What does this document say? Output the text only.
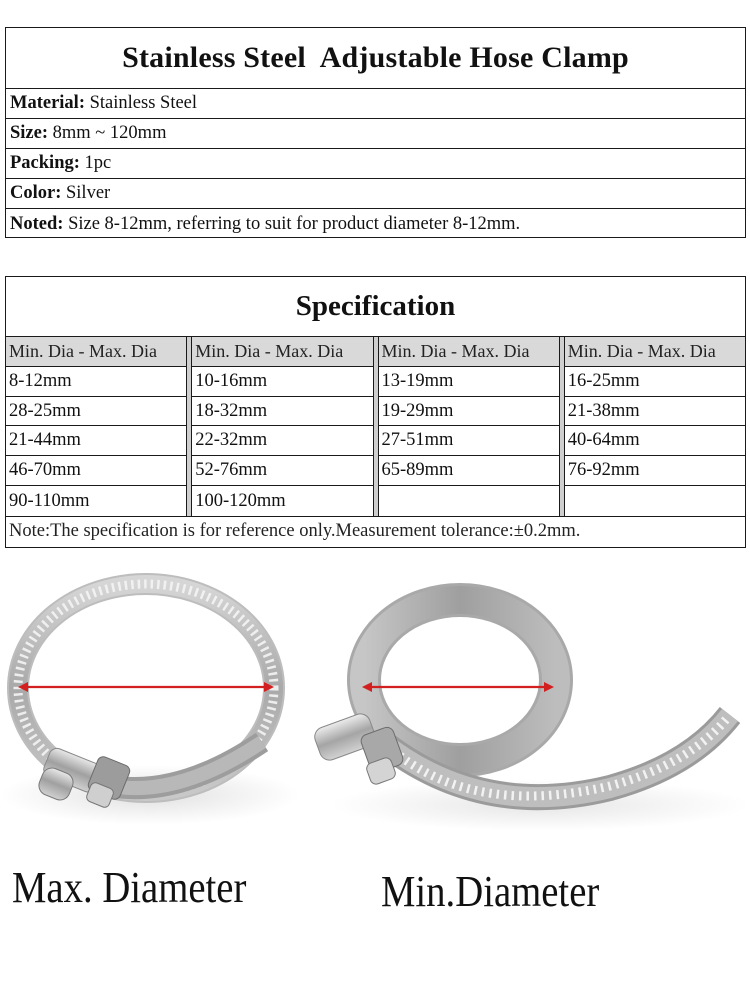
Stainless Steel  Adjustable Hose Clamp
Material: Stainless Steel
Size: 8mm ~ 120mm
Packing: 1pc
Color: Silver
Noted: Size 8-12mm, referring to suit for product diameter 8-12mm.
Specification
Min. Dia - Max. Dia
8-12mm
28-25mm
21-44mm
46-70mm
90-110mm
Min. Dia - Max. Dia
10-16mm
18-32mm
22-32mm
52-76mm
100-120mm
Min. Dia - Max. Dia
13-19mm
19-29mm
27-51mm
65-89mm
Min. Dia - Max. Dia
16-25mm
21-38mm
40-64mm
76-92mm
Note:The specification is for reference only.Measurement tolerance:±0.2mm.
Max. Diameter	Min.Diameter
